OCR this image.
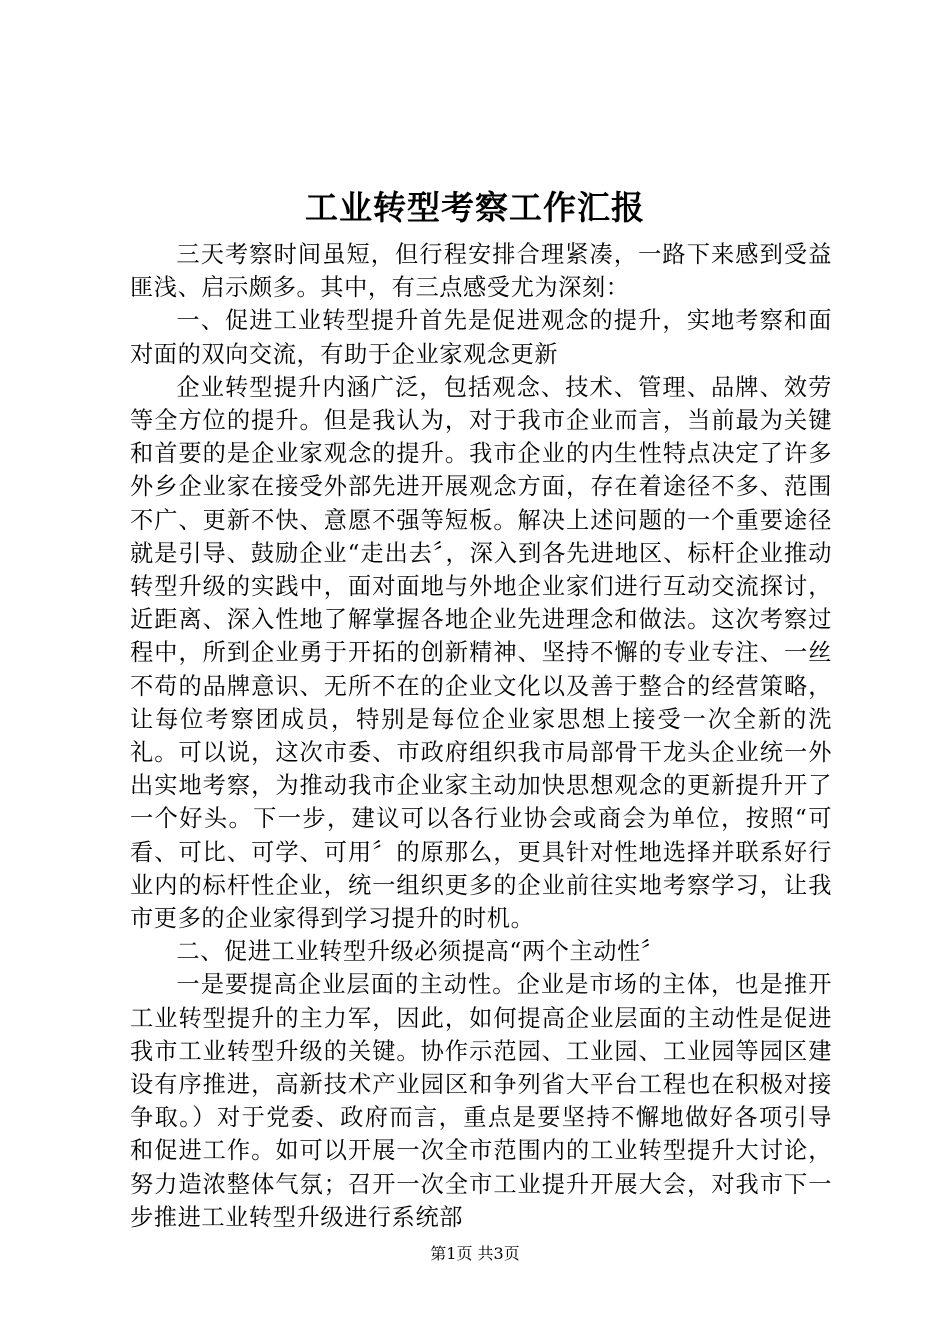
工业转型考察工作汇报

三天考察时间虽短，但行程安排合理紧凑，一路下来感到受益匪浅、启示颇多。其中，有三点感受尤为深刻：

一、促进工业转型提升首先是促进观念的提升，实地考察和面对面的双向交流，有助于企业家观念更新

企业转型提升内涵广泛，包括观念、技术、管理、品牌、效劳等全方位的提升。但是我认为，对于我市企业而言，当前最为关键和首要的是企业家观念的提升。我市企业的内生性特点决定了许多外乡企业家在接受外部先进开展观念方面，存在着途径不多、范围不广、更新不快、意愿不强等短板。解决上述问题的一个重要途径就是引导、鼓励企业“走出去〞，深入到各先进地区、标杆企业推动转型升级的实践中，面对面地与外地企业家们进行互动交流探讨，近距离、深入性地了解掌握各地企业先进理念和做法。这次考察过程中，所到企业勇于开拓的创新精神、坚持不懈的专业专注、一丝不苟的品牌意识、无所不在的企业文化以及善于整合的经营策略，让每位考察团成员，特别是每位企业家思想上接受一次全新的洗礼。可以说，这次市委、市政府组织我市局部骨干龙头企业统一外出实地考察，为推动我市企业家主动加快思想观念的更新提升开了一个好头。下一步，建议可以各行业协会或商会为单位，按照“可看、可比、可学、可用〞的原那么，更具针对性地选择并联系好行业内的标杆性企业，统一组织更多的企业前往实地考察学习，让我市更多的企业家得到学习提升的时机。

二、促进工业转型升级必须提高“两个主动性〞

一是要提高企业层面的主动性。企业是市场的主体，也是推开工业转型提升的主力军，因此，如何提高企业层面的主动性是促进我市工业转型升级的关键。协作示范园、工业园、工业园等园区建设有序推进，高新技术产业园区和争列省大平台工程也在积极对接争取。）对于党委、政府而言，重点是要坚持不懈地做好各项引导和促进工作。如可以开展一次全市范围内的工业转型提升大讨论，努力造浓整体气氛；召开一次全市工业提升开展大会，对我市下一步推进工业转型升级进行系统部

第1页 共3页
